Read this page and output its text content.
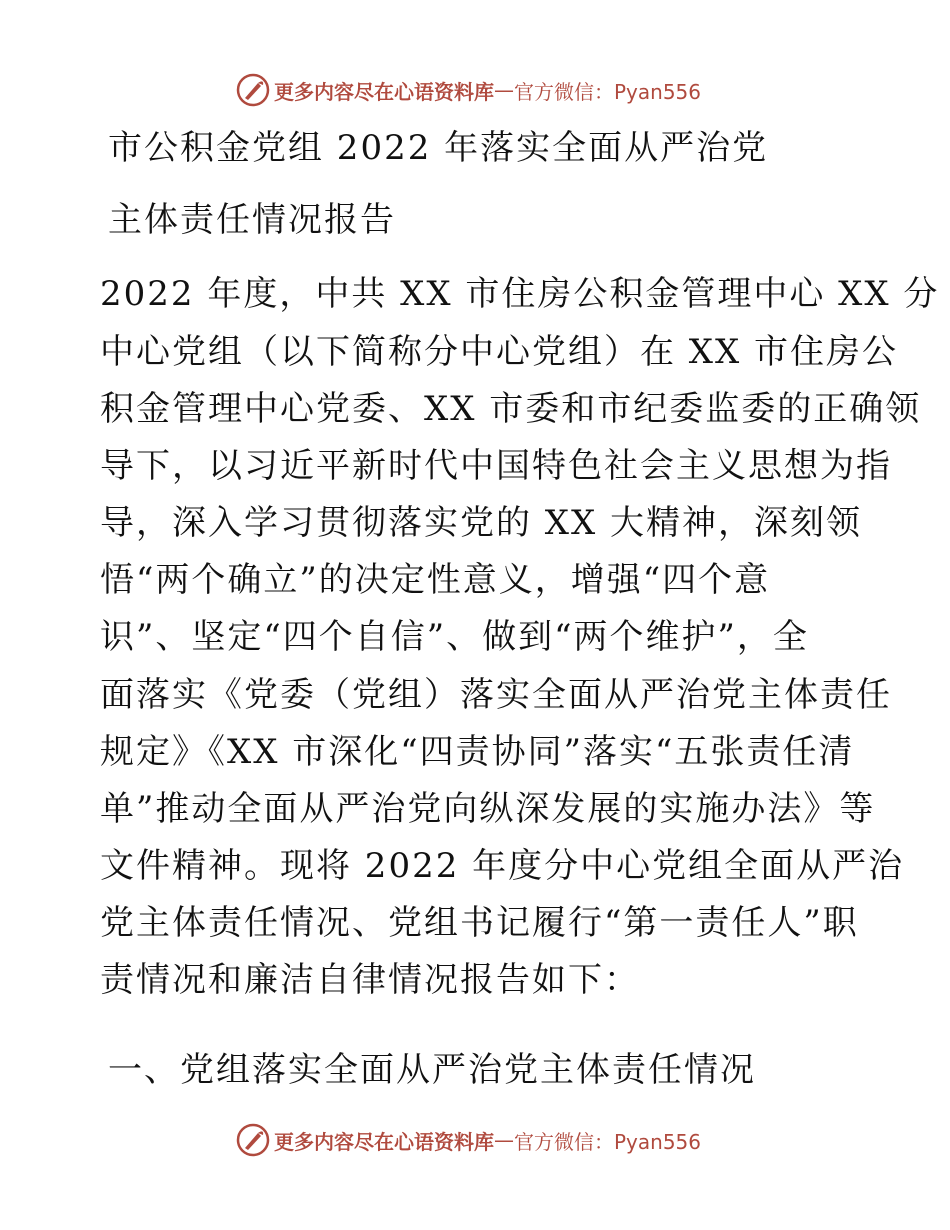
更多内容尽在心语资料库 — 官方微信：Pyan556
市公积金党组 2022 年落实全面从严治党
主体责任情况报告
2022 年度，中共 XX 市住房公积金管理中心 XX 分
中心党组（以下简称分中心党组）在 XX 市住房公
积金管理中心党委、XX 市委和市纪委监委的正确领
导下，以习近平新时代中国特色社会主义思想为指
导，深入学习贯彻落实党的 XX 大精神，深刻领
悟“两个确立”的决定性意义，增强“四个意
识”、坚定“四个自信”、做到“两个维护”，全
面落实《党委（党组）落实全面从严治党主体责任
规定》《XX 市深化“四责协同”落实“五张责任清
单”推动全面从严治党向纵深发展的实施办法》等
文件精神。现将 2022 年度分中心党组全面从严治
党主体责任情况、党组书记履行“第一责任人”职
责情况和廉洁自律情况报告如下：
一、党组落实全面从严治党主体责任情况
更多内容尽在心语资料库 — 官方微信：Pyan556
